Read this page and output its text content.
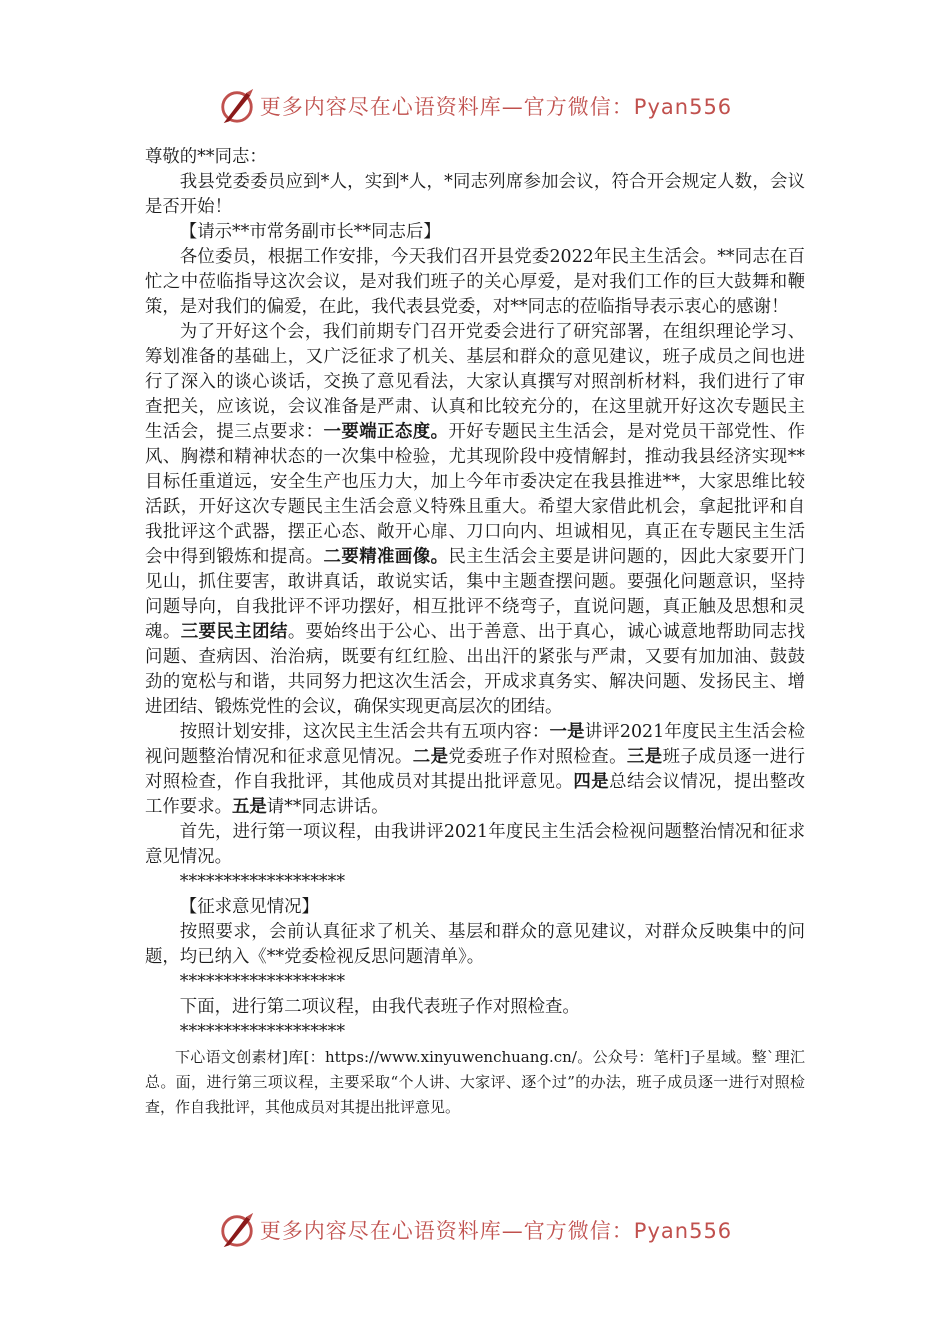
更多内容尽在心语资料库—官方微信：Pyan556

尊敬的**同志：

我县党委委员应到*人，实到*人，*同志列席参加会议，符合开会规定人数，会议是否开始！

【请示**市常务副市长**同志后】

各位委员，根据工作安排，今天我们召开县党委2022年民主生活会。**同志在百忙之中莅临指导这次会议，是对我们班子的关心厚爱，是对我们工作的巨大鼓舞和鞭策，是对我们的偏爱，在此，我代表县党委，对**同志的莅临指导表示衷心的感谢！

为了开好这个会，我们前期专门召开党委会进行了研究部署，在组织理论学习、筹划准备的基础上，又广泛征求了机关、基层和群众的意见建议，班子成员之间也进行了深入的谈心谈话，交换了意见看法，大家认真撰写对照剖析材料，我们进行了审查把关，应该说，会议准备是严肃、认真和比较充分的，在这里就开好这次专题民主生活会，提三点要求：一要端正态度。开好专题民主生活会，是对党员干部党性、作风、胸襟和精神状态的一次集中检验，尤其现阶段中疫情解封，推动我县经济实现**目标任重道远，安全生产也压力大，加上今年市委决定在我县推进**，大家思维比较活跃，开好这次专题民主生活会意义特殊且重大。希望大家借此机会，拿起批评和自我批评这个武器，摆正心态、敞开心扉、刀口向内、坦诚相见，真正在专题民主生活会中得到锻炼和提高。二要精准画像。民主生活会主要是讲问题的，因此大家要开门见山，抓住要害，敢讲真话，敢说实话，集中主题查摆问题。要强化问题意识，坚持问题导向，自我批评不评功摆好，相互批评不绕弯子，直说问题，真正触及思想和灵魂。三要民主团结。要始终出于公心、出于善意、出于真心，诚心诚意地帮助同志找问题、查病因、治治病，既要有红红脸、出出汗的紧张与严肃，又要有加加油、鼓鼓劲的宽松与和谐，共同努力把这次生活会，开成求真务实、解决问题、发扬民主、增进团结、锻炼党性的会议，确保实现更高层次的团结。

按照计划安排，这次民主生活会共有五项内容：一是讲评2021年度民主生活会检视问题整治情况和征求意见情况。二是党委班子作对照检查。三是班子成员逐一进行对照检查，作自我批评，其他成员对其提出批评意见。四是总结会议情况，提出整改工作要求。五是请**同志讲话。

首先，进行第一项议程，由我讲评2021年度民主生活会检视问题整治情况和征求意见情况。

*******************

【征求意见情况】

按照要求，会前认真征求了机关、基层和群众的意见建议，对群众反映集中的问题，均已纳入《**党委检视反思问题清单》。

*******************

下面，进行第二项议程，由我代表班子作对照检查。

*******************

下心语文创素材]库[：https://www.xinyuwenchuang.cn/。公众号：笔杆]子星域。整`理汇总。面，进行第三项议程，主要采取“个人讲、大家评、逐个过”的办法，班子成员逐一进行对照检查，作自我批评，其他成员对其提出批评意见。

更多内容尽在心语资料库—官方微信：Pyan556
